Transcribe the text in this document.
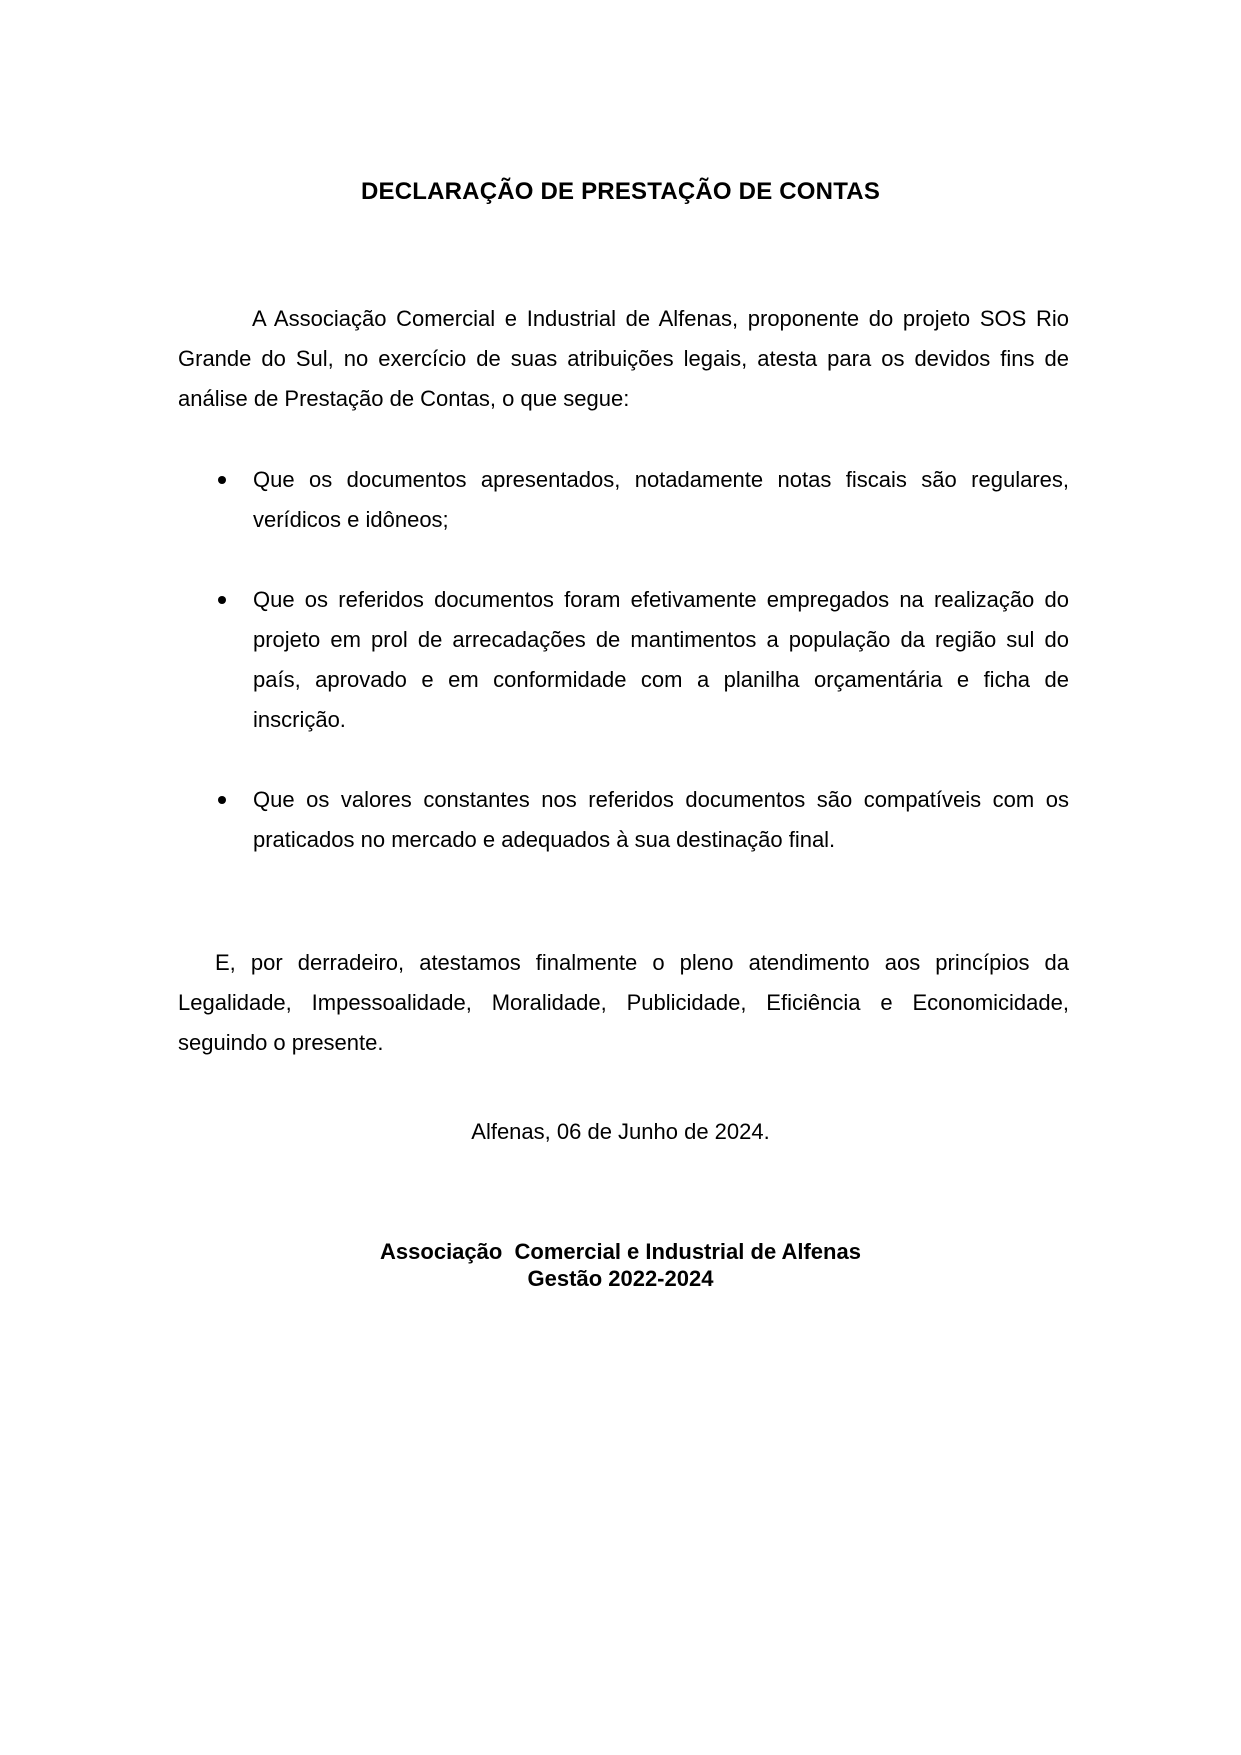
DECLARAÇÃO DE PRESTAÇÃO DE CONTAS

A Associação Comercial e Industrial de Alfenas, proponente do projeto SOS Rio Grande do Sul, no exercício de suas atribuições legais, atesta para os devidos fins de análise de Prestação de Contas, o que segue:

Que os documentos apresentados, notadamente notas fiscais são regulares, verídicos e idôneos;
Que os referidos documentos foram efetivamente empregados na realização do projeto em prol de arrecadações de mantimentos a população da região sul do país, aprovado e em conformidade com a planilha orçamentária e ficha de inscrição.
Que os valores constantes nos referidos documentos são compatíveis com os praticados no mercado e adequados à sua destinação final.

E, por derradeiro, atestamos finalmente o pleno atendimento aos princípios da Legalidade, Impessoalidade, Moralidade, Publicidade, Eficiência e Economicidade, seguindo o presente.

Alfenas, 06 de Junho de 2024.
Associação  Comercial e Industrial de Alfenas
Gestão 2022-2024
